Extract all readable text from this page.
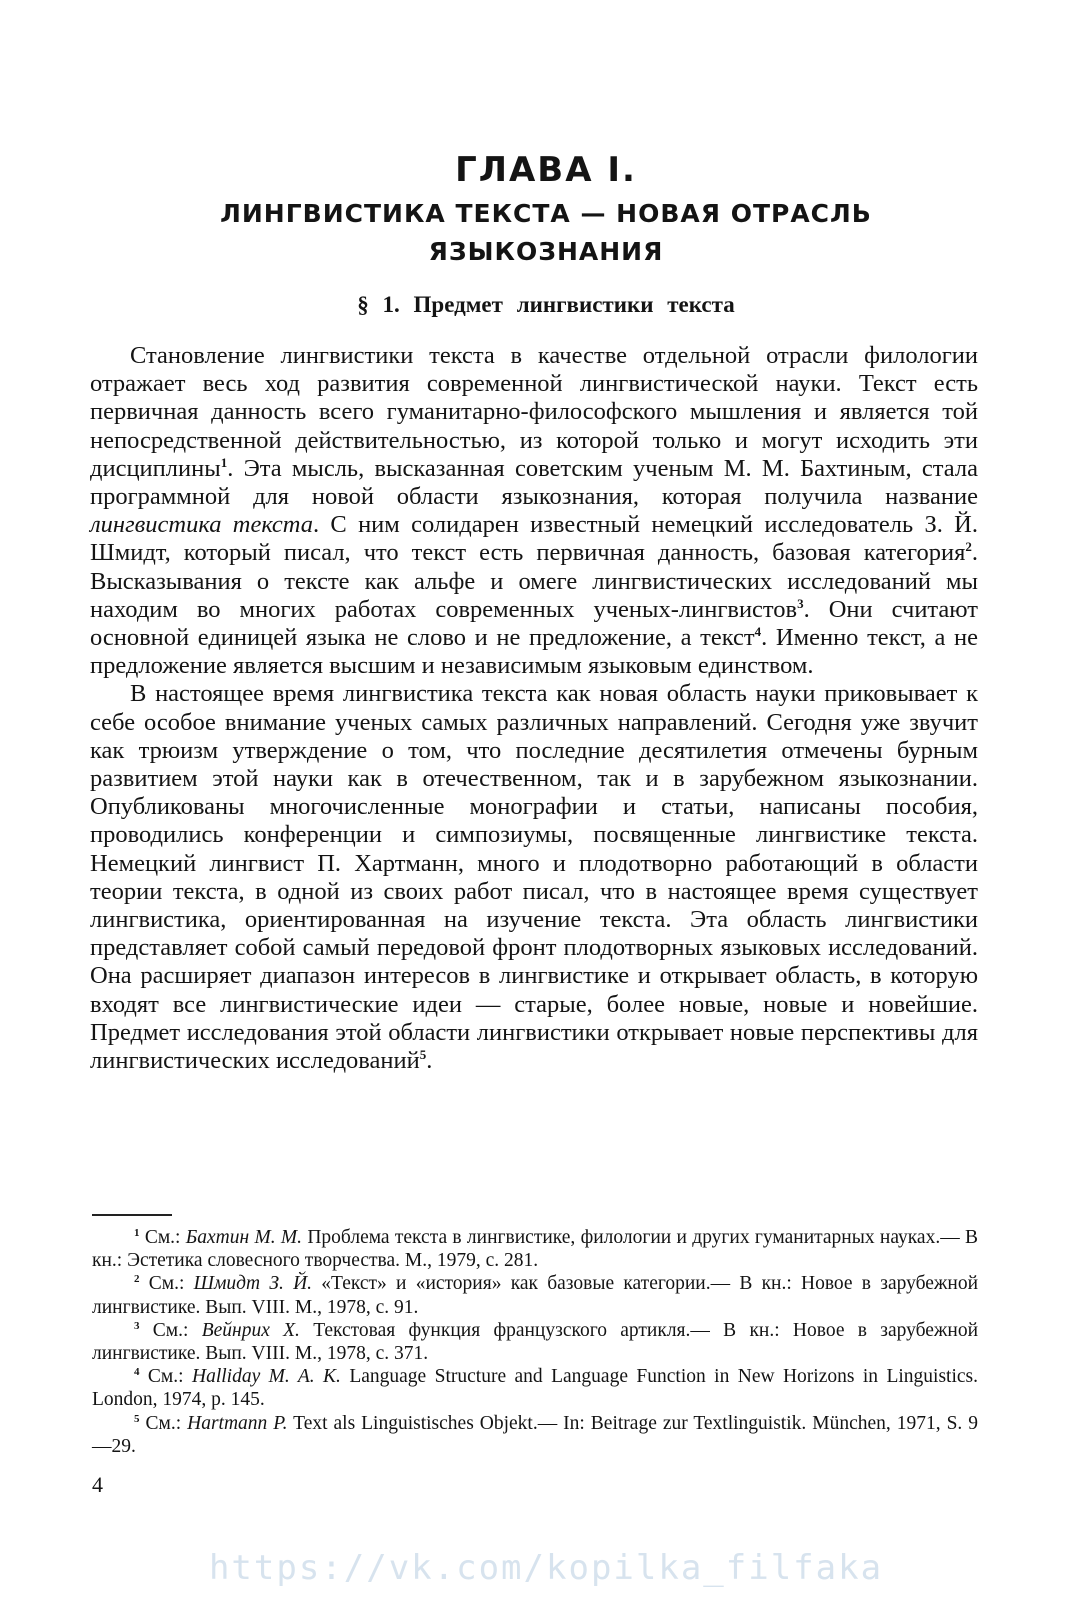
ГЛАВА I.
ЛИНГВИСТИКА ТЕКСТА — НОВАЯ ОТРАСЛЬ
ЯЗЫКОЗНАНИЯ
§ 1. Предмет лингвистики текста

Становление лингвистики текста в качестве отдельной отрасли филологии отражает весь ход развития современной лингвистической науки. Текст есть первичная данность всего гуманитарно-философского мышления и является той непосредственной действительностью, из которой только и могут исходить эти дисциплины$^1$. Эта мысль, высказанная советским ученым М. М. Бахтиным, стала программной для новой области языкознания, которая получила название лингвистика текста. С ним солидарен известный немецкий исследователь З. Й. Шмидт, который писал, что текст есть первичная данность, базовая категория$^2$. Высказывания о тексте как альфе и омеге лингвистических исследований мы находим во многих работах современных ученых-лингвистов$^3$. Они считают основной единицей языка не слово и не предложение, а текст$^4$. Именно текст, а не предложение является высшим и независимым языковым единством.

В настоящее время лингвистика текста как новая область науки приковывает к себе особое внимание ученых самых различных направлений. Сегодня уже звучит как трюизм утверждение о том, что последние десятилетия отмечены бурным развитием этой науки как в отечественном, так и в зарубежном языкознании. Опубликованы многочисленные монографии и статьи, написаны пособия, проводились конференции и симпозиумы, посвященные лингвистике текста. Немецкий лингвист П. Хартманн, много и плодотворно работающий в области теории текста, в одной из своих работ писал, что в настоящее время существует лингвистика, ориентированная на изучение текста. Эта область лингвистики представляет собой самый передовой фронт плодотворных языковых исследований. Она расширяет диапазон интересов в лингвистике и открывает область, в которую входят все лингвистические идеи — старые, более новые, новые и новейшие. Предмет исследования этой области лингвистики открывает новые перспективы для лингвистических исследований$^5$.

$^1$ См.: Бахтин М. М. Проблема текста в лингвистике, филологии и других гуманитарных науках.— В кн.: Эстетика словесного творчества. М., 1979, с. 281.

$^2$ См.: Шмидт З. Й. «Текст» и «история» как базовые категории.— В кн.: Новое в зарубежной лингвистике. Вып. VIII. М., 1978, с. 91.

$^3$ См.: Вейнрих Х. Текстовая функция французского артикля.— В кн.: Новое в зарубежной лингвистике. Вып. VIII. М., 1978, с. 371.

$^4$ См.: Halliday M. A. K. Language Structure and Language Function in New Horizons in Linguistics. London, 1974, p. 145.

$^5$ См.: Hartmann P. Text als Linguistisches Objekt.— In: Beitrage zur Textlinguistik. München, 1971, S. 9—29.

4
https://vk.com/kopilka_filfaka
